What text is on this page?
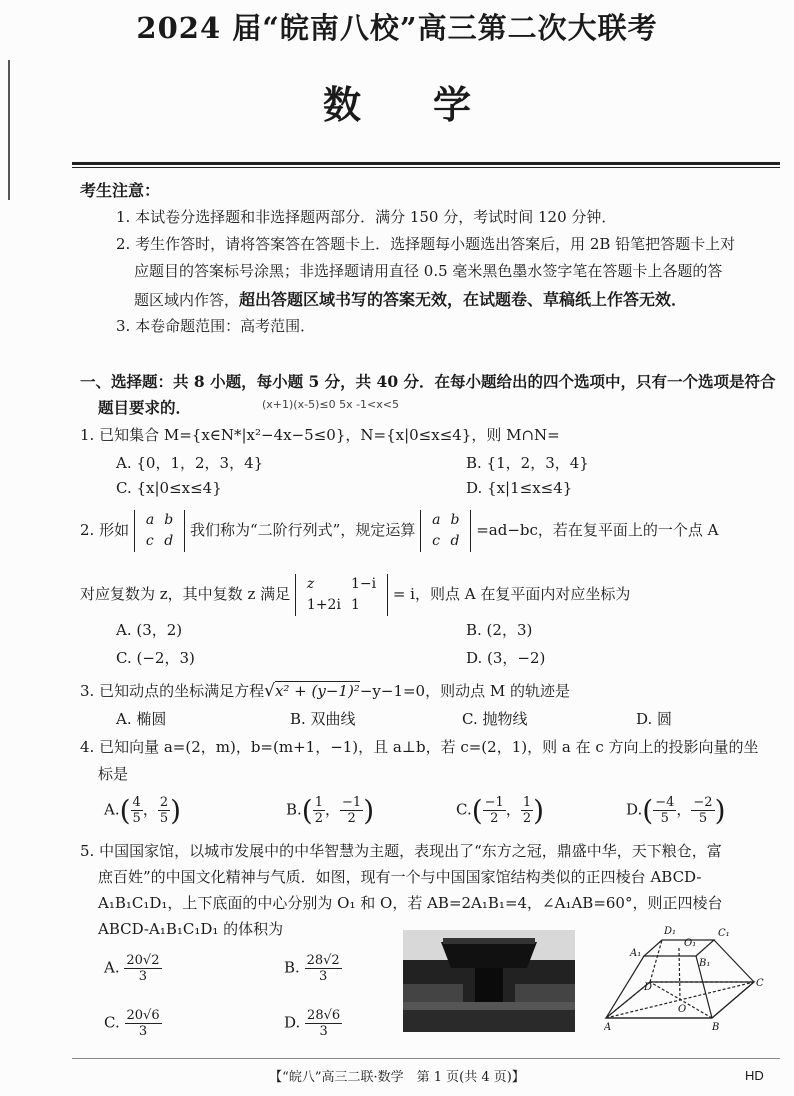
2024 届“皖南八校”高三第二次大联考
数学
考生注意：
1. 本试卷分选择题和非选择题两部分．满分 150 分，考试时间 120 分钟．
2. 考生作答时，请将答案答在答题卡上．选择题每小题选出答案后，用 2B 铅笔把答题卡上对
应题目的答案标号涂黑；非选择题请用直径 0.5 毫米黑色墨水签字笔在答题卡上各题的答
题区域内作答，超出答题区域书写的答案无效，在试题卷、草稿纸上作答无效．
3. 本卷命题范围：高考范围．
一、选择题：共 8 小题，每小题 5 分，共 40 分．在每小题给出的四个选项中，只有一个选项是符合
题目要求的．	(x+1)(x-5)≤0 5x -1<x<5
1. 已知集合 M={x∈N*|x²−4x−5≤0}，N={x|0≤x≤4}，则 M∩N=
A. {0，1，2，3，4}	B. {1，2，3，4}
C. {x|0≤x≤4}	D. {x|1≤x≤4}
2. 形如
a	b
c	d
我们称为“二阶行列式”，规定运算
a	b
c	d
=ad−bc，若在复平面上的一个点 A
对应复数为 z，其中复数 z 满足
z	1−i
1+2i	1
= i，则点 A 在复平面内对应坐标为
A. (3，2)	B. (2，3)
C. (−2，3)	D. (3，−2)
3. 已知动点的坐标满足方程√x² + (y−1)²−y−1=0，则动点 M 的轨迹是
A. 椭圆	B. 双曲线	C. 抛物线	D. 圆
4. 已知向量 a=(2，m)，b=(m+1，−1)，且 a⊥b，若 c=(2，1)，则 a 在 c 方向上的投影向量的坐
标是
$A.( \frac{4}{5}$ ， $\frac{2}{5}$ )	$B.( \frac{1}{2}$ ， $\frac{-1}{2}$ )	$C.( \frac{-1}{2}$ ， $\frac{1}{2}$ )	$D.( \frac{-4}{5}$ ， $\frac{-2}{5}$ )
5. 中国国家馆，以城市发展中的中华智慧为主题，表现出了“东方之冠，鼎盛中华，天下粮仓，富
庶百姓”的中国文化精神与气质．如图，现有一个与中国国家馆结构类似的正四棱台 ABCD-
A₁B₁C₁D₁，上下底面的中心分别为 O₁ 和 O，若 AB=2A₁B₁=4，∠A₁AB=60°，则正四棱台
ABCD-A₁B₁C₁D₁ 的体积为
A. $\frac{20√2}{3}$	B. $\frac{28√2}{3}$
C. $\frac{20√6}{3}$	D. $\frac{28√6}{3}$
D₁	C₁
A₁
B₁
O₁
A	B
C
D
O
【“皖八”高三二联·数学　第 1 页(共 4 页)】	HD
